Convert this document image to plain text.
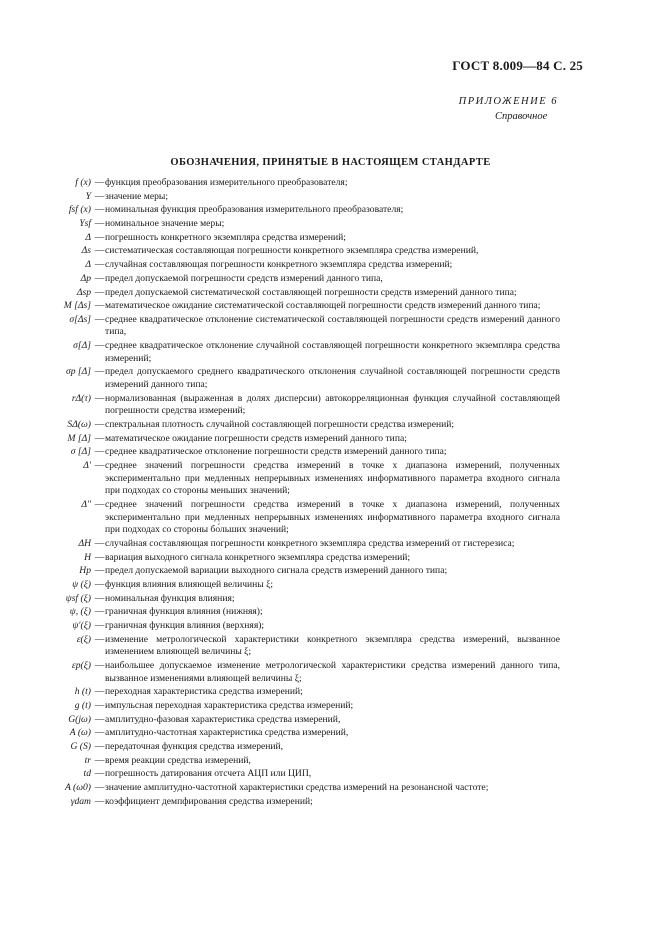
ГОСТ 8.009—84 С. 25
ПРИЛОЖЕНИЕ 6
Справочное
ОБОЗНАЧЕНИЯ, ПРИНЯТЫЕ В НАСТОЯЩЕМ СТАНДАРТЕ
f (x) — функция преобразования измерительного преобразователя;
Y — значение меры;
fsf (x) — номинальная функция преобразования измерительного преобразователя;
Ysf — номинальное значение меры;
Δ — погрешность конкретного экземпляра средства измерений;
Δs — систематическая составляющая погрешности конкретного экземпляра средства измерений,
Δ — случайная составляющая погрешности конкретного экземпляра средства измерений;
Δp — предел допускаемой погрешности средств измерений данного типа,
Δsp — предел допускаемой систематической составляющей погрешности средств измерений данного типа;
M [Δs] — математическое ожидание систематической составляющей погрешности средств измерений данного типа;
σ[Δs] — среднее квадратическое отклонение систематической составляющей погрешности средств измерений данного типа,
σ[Δ] — среднее квадратическое отклонение случайной составляющей погрешности конкретного экземпляра средства измерений;
σp [Δ] — предел допускаемого среднего квадратического отклонения случайной составляющей погрешности средств измерений данного типа;
rΔ(τ) — нормализованная (выраженная в долях дисперсии) автокорреляционная функция случайной составляющей погрешности средства измерений;
SΔ(ω) — спектральная плотность случайной составляющей погрешности средства измерений;
M [Δ] — математическое ожидание погрешности средств измерений данного типа;
σ [Δ] — среднее квадратическое отклонение погрешности средств измерений данного типа;
Δ′ — среднее значений погрешности средства измерений в точке x диапазона измерений, полученных экспериментально при медленных непрерывных изменениях информативного параметра входного сигнала при подходах со стороны меньших значений;
Δ″ — среднее значений погрешности средства измерений в точке x диапазона измерений, полученных экспериментально при медленных непрерывных изменениях информативного параметра входного сигнала при подходах со стороны бо́льших значений;
ΔH — случайная составляющая погрешности конкретного экземпляра средства измерений от гистерезиса;
H — вариация выходного сигнала конкретного экземпляра средства измерений;
Hp — предел допускаемой вариации выходного сигнала средств измерений данного типа;
ψ (ξ) — функция влияния влияющей величины ξ;
ψsf (ξ) — номинальная функция влияния;
ψ, (ξ) — граничная функция влияния (нижняя);
ψ′(ξ) — граничная функция влияния (верхняя);
ε(ξ) — изменение метрологической характеристики конкретного экземпляра средства измерений, вызванное изменением влияющей величины ξ;
εp(ξ) — наибольшее допускаемое изменение метрологической характеристики средства измерений данного типа, вызванное изменениями влияющей величины ξ;
h (t) — переходная характеристика средства измерений;
g (t) — импульсная переходная характеристика средства измерений;
G(jω) — амплитудно-фазовая характеристика средства измерений,
A (ω) — амплитудно-частотная характеристика средства измерений,
G (S) — передаточная функция средства измерений,
tr — время реакции средства измерений,
td — погрешность датирования отсчета АЦП или ЦИП,
A (ω0) — значение амплитудно-частотной характеристики средства измерений на резонансной частоте;
γdam — коэффициент демпфирования средства измерений;
